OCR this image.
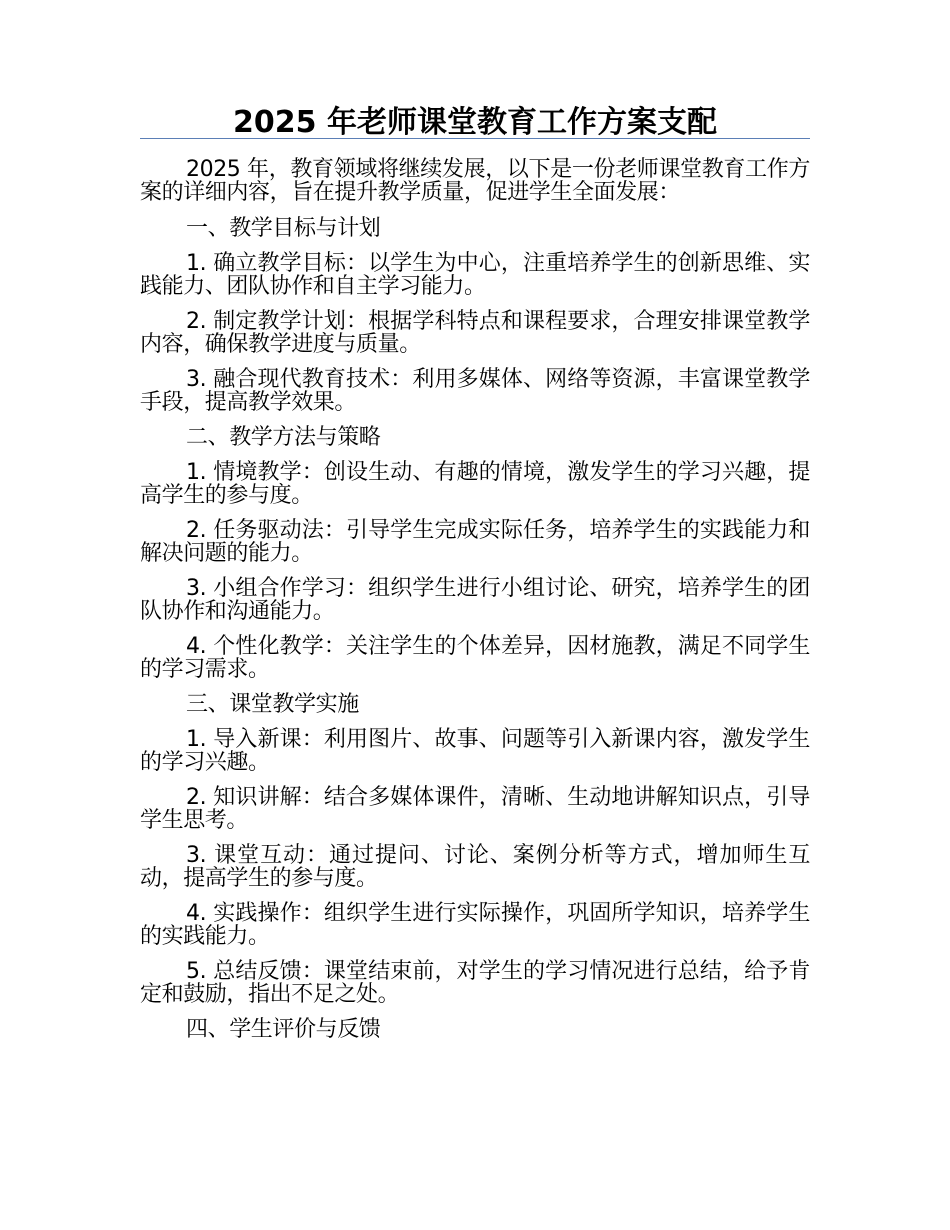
2025 年老师课堂教育工作方案支配

2025 年，教育领域将继续发展，以下是一份老师课堂教育工作方案的详细内容，旨在提升教学质量，促进学生全面发展：

一、教学目标与计划

1. 确立教学目标：以学生为中心，注重培养学生的创新思维、实践能力、团队协作和自主学习能力。

2. 制定教学计划：根据学科特点和课程要求，合理安排课堂教学内容，确保教学进度与质量。

3. 融合现代教育技术：利用多媒体、网络等资源，丰富课堂教学手段，提高教学效果。

二、教学方法与策略

1. 情境教学：创设生动、有趣的情境，激发学生的学习兴趣，提高学生的参与度。

2. 任务驱动法：引导学生完成实际任务，培养学生的实践能力和解决问题的能力。

3. 小组合作学习：组织学生进行小组讨论、研究，培养学生的团队协作和沟通能力。

4. 个性化教学：关注学生的个体差异，因材施教，满足不同学生的学习需求。

三、课堂教学实施

1. 导入新课：利用图片、故事、问题等引入新课内容，激发学生的学习兴趣。

2. 知识讲解：结合多媒体课件，清晰、生动地讲解知识点，引导学生思考。

3. 课堂互动：通过提问、讨论、案例分析等方式，增加师生互动，提高学生的参与度。

4. 实践操作：组织学生进行实际操作，巩固所学知识，培养学生的实践能力。

5. 总结反馈：课堂结束前，对学生的学习情况进行总结，给予肯定和鼓励，指出不足之处。

四、学生评价与反馈
